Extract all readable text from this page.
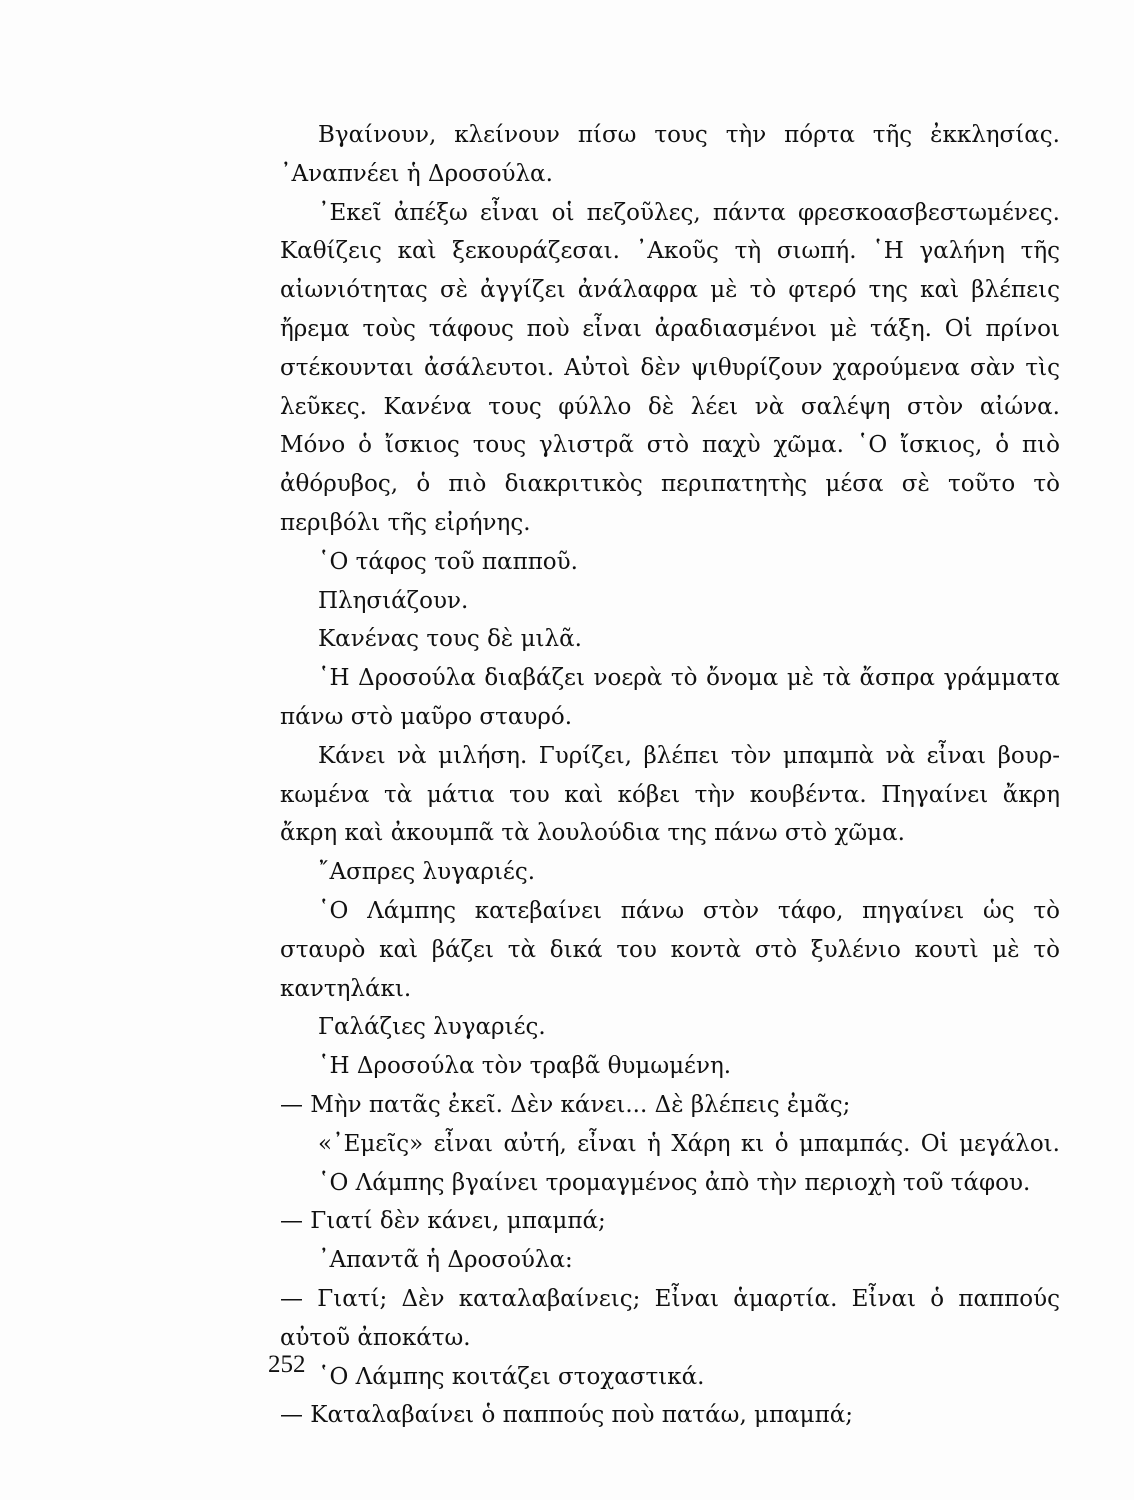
Βγαίνουν, κλείνουν πίσω τους τὴν πόρτα τῆς ἐκκλησίας.
᾽Αναπνέει ἡ Δροσούλα.
᾽Εκεῖ ἀπέξω εἶναι οἱ πεζοῦλες, πάντα φρεσκοασβεστωμένες.
Καθίζεις καὶ ξεκουράζεσαι. ᾽Ακοῦς τὴ σιωπή. ῾Η γαλήνη τῆς
αἰωνιότητας σὲ ἀγγίζει ἀνάλαφρα μὲ τὸ φτερό της καὶ βλέπεις
ἤρεμα τοὺς τάφους ποὺ εἶναι ἀραδιασμένοι μὲ τάξη. Οἱ πρίνοι
στέκουνται ἀσάλευτοι. Αὐτοὶ δὲν ψιθυρίζουν χαρούμενα σὰν τὶς
λεῦκες. Κανένα τους φύλλο δὲ λέει νὰ σαλέψη στὸν αἰώνα.
Μόνο ὁ ἴσκιος τους γλιστρᾶ στὸ παχὺ χῶμα. ῾Ο ἴσκιος, ὁ πιὸ
ἀθόρυβος, ὁ πιὸ διακριτικὸς περιπατητὴς μέσα σὲ τοῦτο τὸ
περιβόλι τῆς εἰρήνης.
῾Ο τάφος τοῦ παπποῦ.
Πλησιάζουν.
Κανένας τους δὲ μιλᾶ.
῾Η Δροσούλα διαβάζει νοερὰ τὸ ὄνομα μὲ τὰ ἄσπρα γράμματα
πάνω στὸ μαῦρο σταυρό.
Κάνει νὰ μιλήση. Γυρίζει, βλέπει τὸν μπαμπὰ νὰ εἶναι βουρ-
κωμένα τὰ μάτια του καὶ κόβει τὴν κουβέντα. Πηγαίνει ἄκρη
ἄκρη καὶ ἀκουμπᾶ τὰ λουλούδια της πάνω στὸ χῶμα.
῎Ασπρες λυγαριές.
῾Ο Λάμπης κατεβαίνει πάνω στὸν τάφο, πηγαίνει ὡς τὸ
σταυρὸ καὶ βάζει τὰ δικά του κοντὰ στὸ ξυλένιο κουτὶ μὲ τὸ
καντηλάκι.
Γαλάζιες λυγαριές.
῾Η Δροσούλα τὸν τραβᾶ θυμωμένη.
— Μὴν πατᾶς ἐκεῖ. Δὲν κάνει... Δὲ βλέπεις ἐμᾶς;
«᾽Εμεῖς» εἶναι αὐτή, εἶναι ἡ Χάρη κι ὁ μπαμπάς. Οἱ μεγάλοι.
῾Ο Λάμπης βγαίνει τρομαγμένος ἀπὸ τὴν περιοχὴ τοῦ τάφου.
— Γιατί δὲν κάνει, μπαμπά;
᾽Απαντᾶ ἡ Δροσούλα:
— Γιατί; Δὲν καταλαβαίνεις; Εἶναι ἁμαρτία. Εἶναι ὁ παππούς
αὐτοῦ ἀποκάτω.
῾Ο Λάμπης κοιτάζει στοχαστικά.
— Καταλαβαίνει ὁ παππούς ποὺ πατάω, μπαμπά;
252
